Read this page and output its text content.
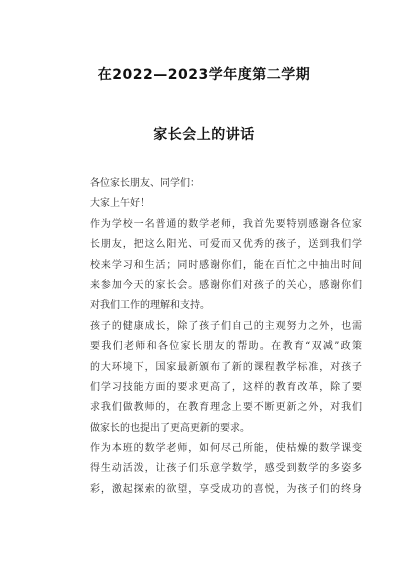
在2022—2023学年度第二学期
家长会上的讲话
各位家长朋友、同学们：
大家上午好！
作为学校一名普通的数学老师，我首先要特别感谢各位家
长朋友，把这么阳光、可爱而又优秀的孩子，送到我们学
校来学习和生活；同时感谢你们，能在百忙之中抽出时间
来参加今天的家长会。感谢你们对孩子的关心，感谢你们
对我们工作的理解和支持。
孩子的健康成长，除了孩子们自己的主观努力之外，也需
要我们老师和各位家长朋友的帮助。在教育“双减”政策
的大环境下，国家最新颁布了新的课程教学标准，对孩子
们学习技能方面的要求更高了，这样的教育改革，除了要
求我们做教师的，在教育理念上要不断更新之外，对我们
做家长的也提出了更高更新的要求。
作为本班的数学老师，如何尽己所能，使枯燥的数学课变
得生动活泼，让孩子们乐意学数学，感受到数学的多姿多
彩，激起探索的欲望，享受成功的喜悦，为孩子们的终身
